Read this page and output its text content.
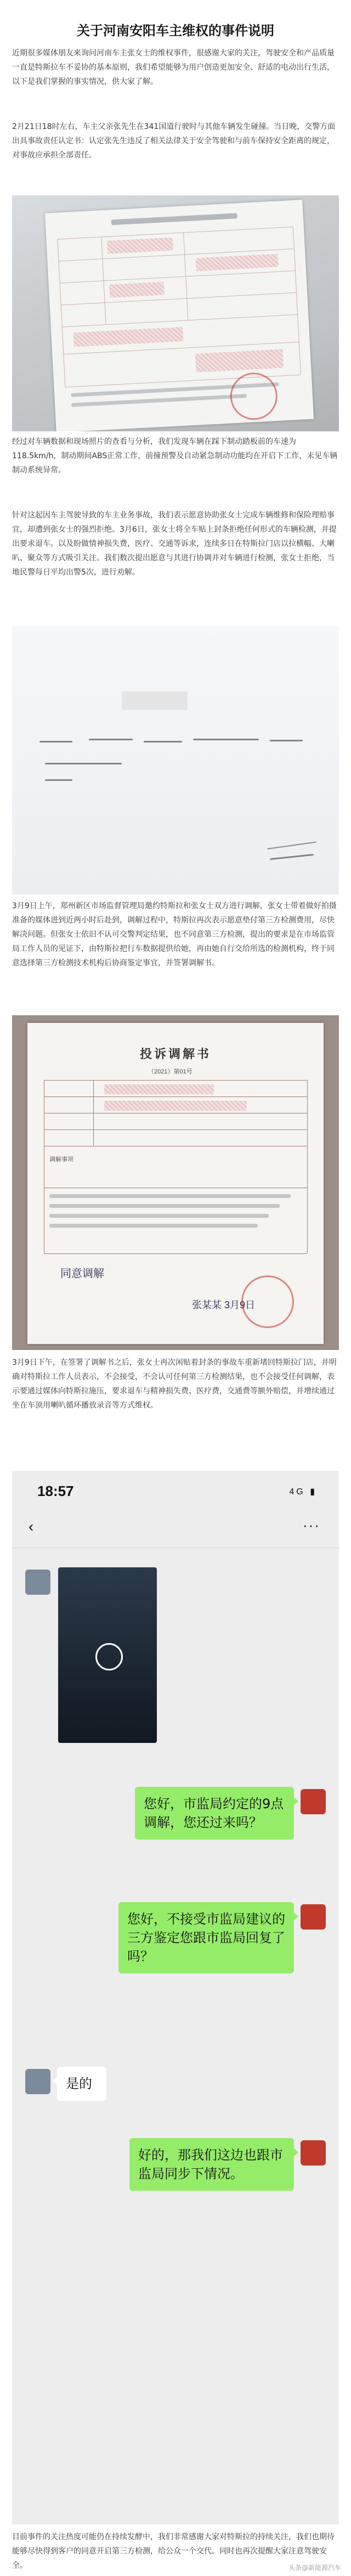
关于河南安阳车主维权的事件说明

近期很多媒体朋友来询问河南车主张女士的维权事件，很感谢大家的关注，驾驶安全和产品质量一直是特斯拉车不妥协的基本原则，我们希望能够为用户创造更加安全、舒适的电动出行生活，以下是我们掌握的事实情况，供大家了解。

2月21日18时左右，车主父亲张先生在341国道行驶时与其他车辆发生碰撞。当日晚，交警方面出具事故责任认定书：认定张先生违反了相关法律关于安全驾驶和与前车保持安全距离的规定，对事故应承担全部责任。

经过对车辆数据和现场照片的查看与分析，我们发现车辆在踩下制动踏板前的车速为118.5km/h，制动期间ABS正常工作，前撞预警及自动紧急制动功能均在开启下工作，未见车辆制动系统异常。

针对这起因车主驾驶导致的车主业务事故，我们表示愿意协助张女士完成车辆维修和保险理赔事宜，却遭到张女士的强烈拒绝。3月6日，张女士将全车贴上封条拒绝任何形式的车辆检测，并提出要求退车。以及盼做情神损失费，医疗、交通等诉求，连续多日在特斯拉门店以拉横幅、大喇叭、聚众等方式吸引关注。我们数次提出愿意与其进行协调并对车辆进行检测，张女士拒绝，当地民警每日平均出警5次，进行劝解。

3月9日上午，郑州新区市场监督管理局邀约特斯拉和张女士双方进行调解，张女士带着做好拍摄准备的媒体进到近两小时后赴到，调解过程中，特斯拉再次表示愿意垫付第三方检测费用，尽快解决问题。但张女士依旧不认可交警判定结果，也不同意第三方检测，提出的要求是在市场监管局工作人员的见证下，由特斯拉把行车数据提供给她，再由她自行交给所选的检测机构，终于同意选择第三方检测技术机构后协商鉴定事宜，并签署调解书。

投诉调解书
（2021）第01号
调解事项
同意调解
张某某 3月9日

3月9日下午，在签署了调解书之后，张女士再次闲贴着封条的事故车重新堵回特斯拉门店，并明确对特斯拉工作人员表示，不会接受，不会认可任何第三方检测结果，也不会接受任何调解，表示要通过媒体向特斯拉施压，要求退车与精神损失费、医疗费，交通费等额外赔偿，并增续通过坐在车顶用喇叭循环播放录音等方式维权。

18:57	4G ▮
‹	···
您好，市监局约定的9点调解，您还过来吗？
您好，不接受市监局建议的三方鉴定您跟市监局回复了吗？
是的
好的，那我们这边也跟市监局同步下情况。

目前事件的关注热度可能仍在持续发酵中，我们非常感谢大家对特斯拉的持续关注，我们也期待能够尽快得到客户的同意开启第三方检测，给公众一个交代。同时也再次提醒大家注意驾驶安全。	头条@新能源汽车
